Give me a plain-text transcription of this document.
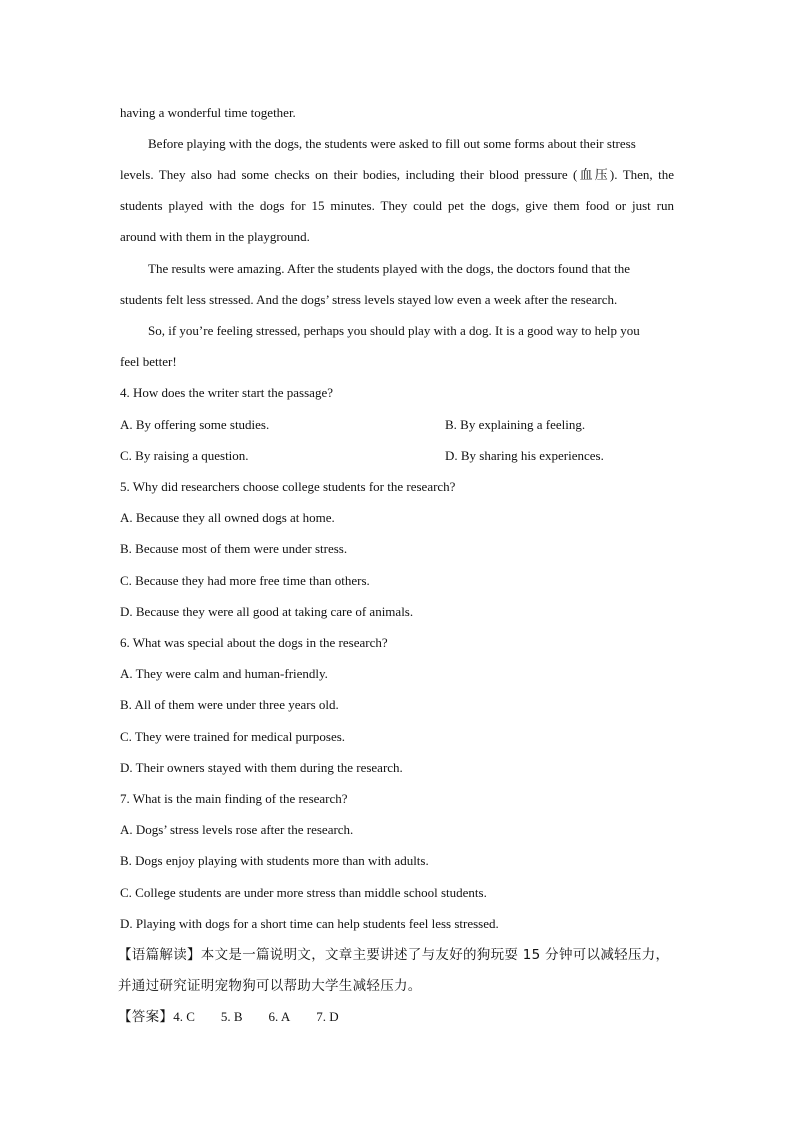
having a wonderful time together.
Before playing with the dogs, the students were asked to fill out some forms about their stress
levels. They also had some checks on their bodies, including their blood pressure (血压). Then, the
students played with the dogs for 15 minutes. They could pet the dogs, give them food or just run
around with them in the playground.
The results were amazing. After the students played with the dogs, the doctors found that the
students felt less stressed. And the dogs’ stress levels stayed low even a week after the research.
So, if you’re feeling stressed, perhaps you should play with a dog. It is a good way to help you
feel better!
4. How does the writer start the passage?
A. By offering some studies.	B. By explaining a feeling.
C. By raising a question.	D. By sharing his experiences.
5. Why did researchers choose college students for the research?
A. Because they all owned dogs at home.
B. Because most of them were under stress.
C. Because they had more free time than others.
D. Because they were all good at taking care of animals.
6. What was special about the dogs in the research?
A. They were calm and human-friendly.
B. All of them were under three years old.
C. They were trained for medical purposes.
D. Their owners stayed with them during the research.
7. What is the main finding of the research?
A. Dogs’ stress levels rose after the research.
B. Dogs enjoy playing with students more than with adults.
C. College students are under more stress than middle school students.
D. Playing with dogs for a short time can help students feel less stressed.
【语篇解读】本文是一篇说明文，文章主要讲述了与友好的狗玩耍 15 分钟可以减轻压力，
并通过研究证明宠物狗可以帮助大学生减轻压力。
【答案】4. C 5. B 6. A 7. D
